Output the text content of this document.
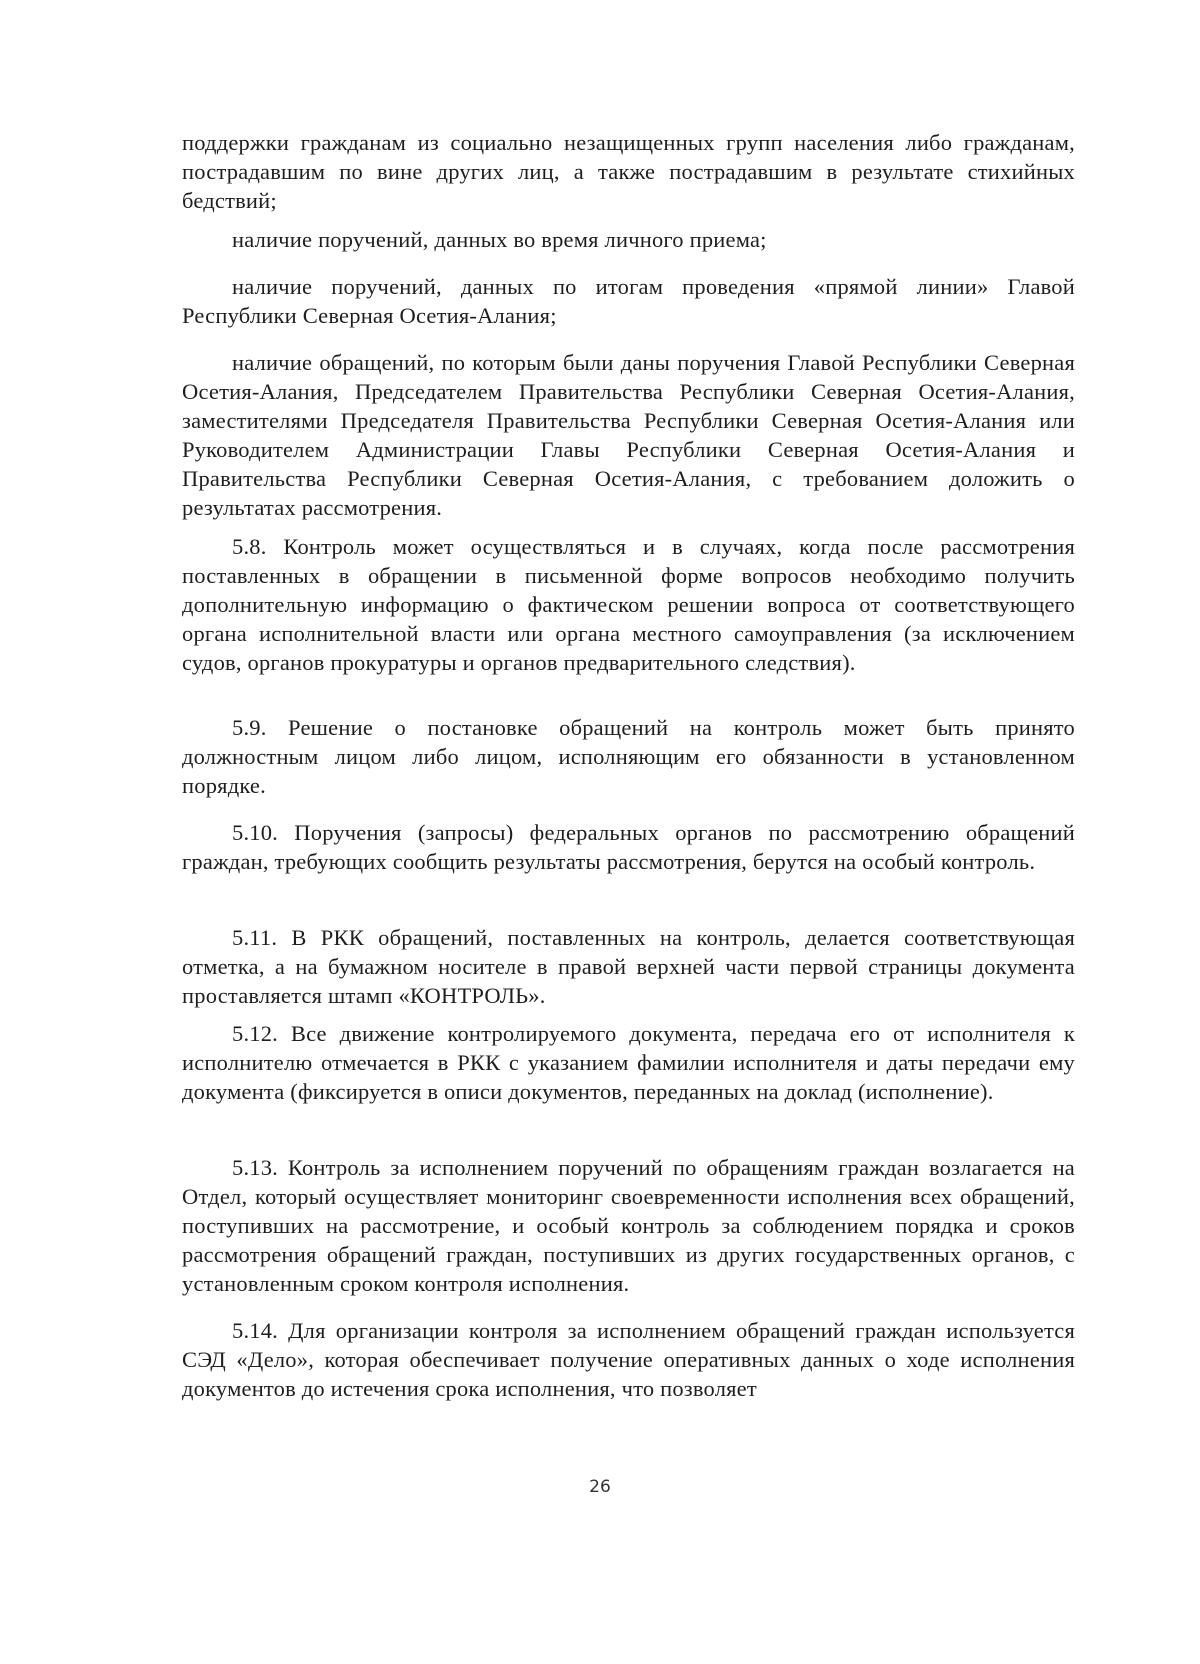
поддержки гражданам из социально незащищенных групп населения либо гражданам, пострадавшим по вине других лиц, а также пострадавшим в результате стихийных бедствий;

наличие поручений, данных во время личного приема;

наличие поручений, данных по итогам проведения «прямой линии» Главой Республики Северная Осетия-Алания;

наличие обращений, по которым были даны поручения Главой Республики Северная Осетия-Алания, Председателем Правительства Республики Северная Осетия-Алания, заместителями Председателя Правительства Республики Северная Осетия-Алания или Руководителем Администрации Главы Республики Северная Осетия-Алания и Правительства Республики Северная Осетия-Алания, с требованием доложить о результатах рассмотрения.

5.8. Контроль может осуществляться и в случаях, когда после рассмотрения поставленных в обращении в письменной форме вопросов необходимо получить дополнительную информацию о фактическом решении вопроса от соответствующего органа исполнительной власти или органа местного самоуправления (за исключением судов, органов прокуратуры и органов предварительного следствия).

5.9. Решение о постановке обращений на контроль может быть принято должностным лицом либо лицом, исполняющим его обязанности в установленном порядке.

5.10. Поручения (запросы) федеральных органов по рассмотрению обращений граждан, требующих сообщить результаты рассмотрения, берутся на особый контроль.

5.11. В РКК обращений, поставленных на контроль, делается соответствующая отметка, а на бумажном носителе в правой верхней части первой страницы документа проставляется штамп «КОНТРОЛЬ».

5.12. Все движение контролируемого документа, передача его от исполнителя к исполнителю отмечается в РКК с указанием фамилии исполнителя и даты передачи ему документа (фиксируется в описи документов, переданных на доклад (исполнение).

5.13. Контроль за исполнением поручений по обращениям граждан возлагается на Отдел, который осуществляет мониторинг своевременности исполнения всех обращений, поступивших на рассмотрение, и особый контроль за соблюдением порядка и сроков рассмотрения обращений граждан, поступивших из других государственных органов, с установленным сроком контроля исполнения.

5.14. Для организации контроля за исполнением обращений граждан используется СЭД «Дело», которая обеспечивает получение оперативных данных о ходе исполнения документов до истечения срока исполнения, что позволяет

26
